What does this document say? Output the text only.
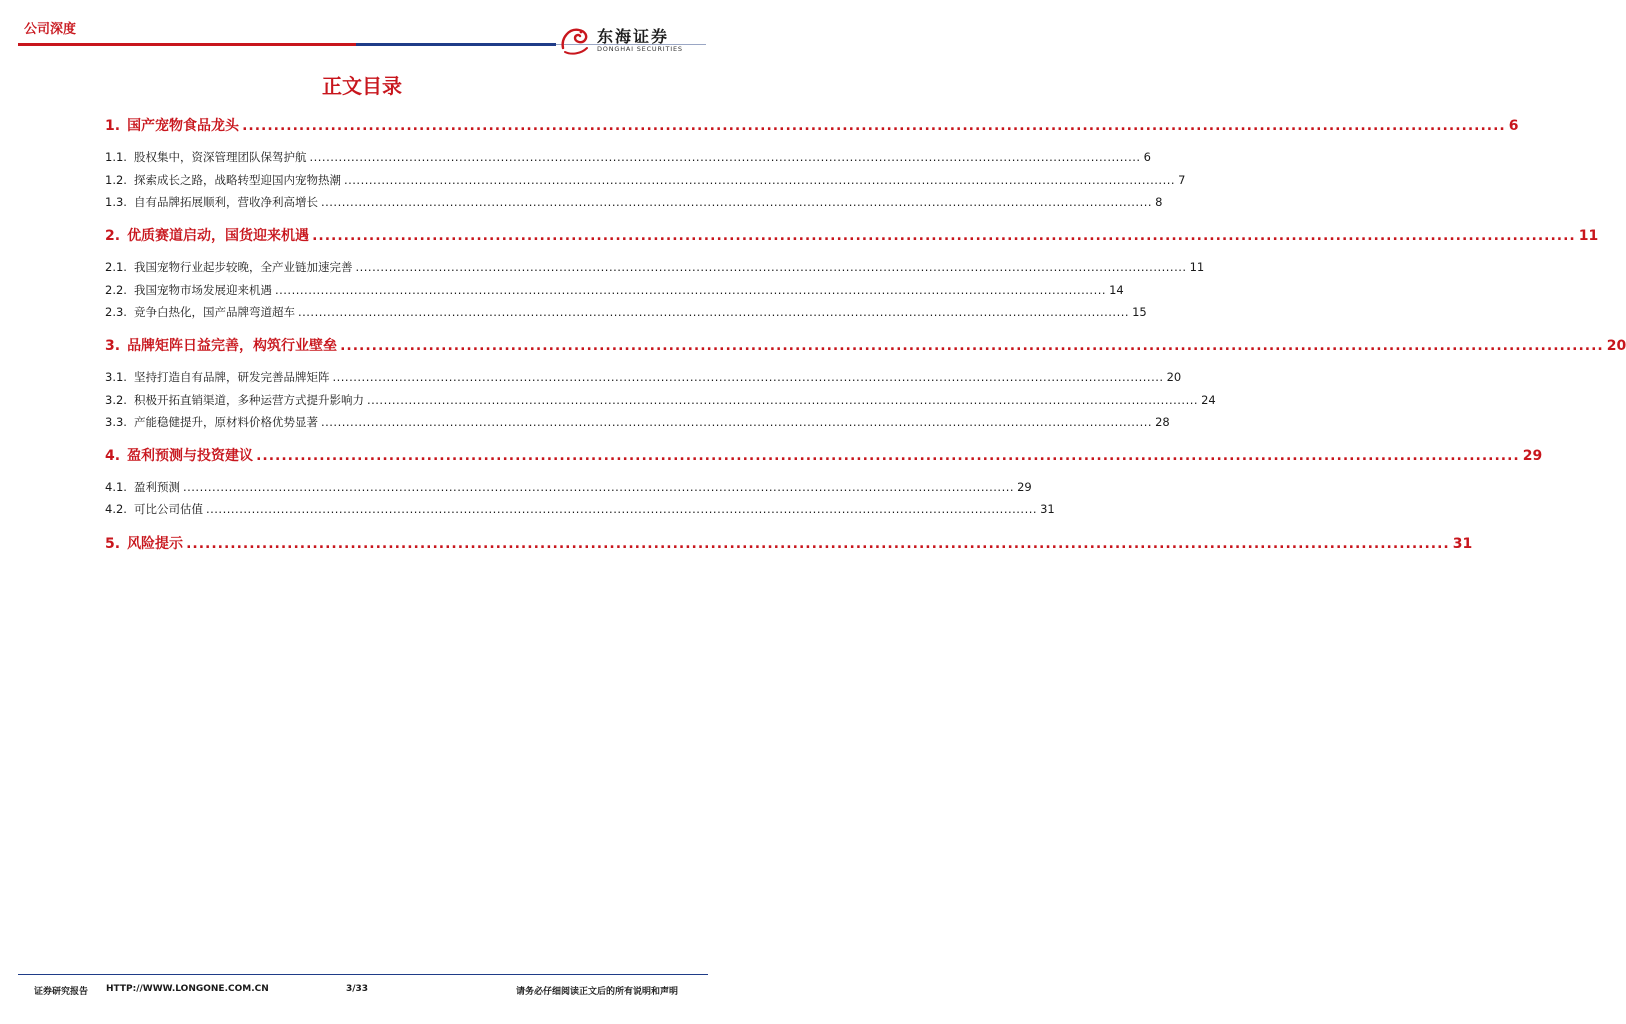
公司深度	东海证券
DONGHAI SECURITIES
正文目录
1. 国产宠物食品龙头 ........................................................................................................................................................................................................ 6
1.1. 股权集中，资深管理团队保驾护航 ........................................................................................................................................................................................................ 6
1.2. 探索成长之路，战略转型迎国内宠物热潮 ........................................................................................................................................................................................................ 7
1.3. 自有品牌拓展顺利，营收净利高增长 ........................................................................................................................................................................................................ 8
2. 优质赛道启动，国货迎来机遇 ........................................................................................................................................................................................................ 11
2.1. 我国宠物行业起步较晚，全产业链加速完善 ........................................................................................................................................................................................................ 11
2.2. 我国宠物市场发展迎来机遇 ........................................................................................................................................................................................................ 14
2.3. 竞争白热化，国产品牌弯道超车 ........................................................................................................................................................................................................ 15
3. 品牌矩阵日益完善，构筑行业壁垒 ........................................................................................................................................................................................................ 20
3.1. 坚持打造自有品牌，研发完善品牌矩阵 ........................................................................................................................................................................................................ 20
3.2. 积极开拓直销渠道，多种运营方式提升影响力 ........................................................................................................................................................................................................ 24
3.3. 产能稳健提升，原材料价格优势显著 ........................................................................................................................................................................................................ 28
4. 盈利预测与投资建议 ........................................................................................................................................................................................................ 29
4.1. 盈利预测 ........................................................................................................................................................................................................ 29
4.2. 可比公司估值 ........................................................................................................................................................................................................ 31
5. 风险提示 ........................................................................................................................................................................................................ 31
证券研究报告 HTTP://WWW.LONGONE.COM.CN	3/33	请务必仔细阅读正文后的所有说明和声明
